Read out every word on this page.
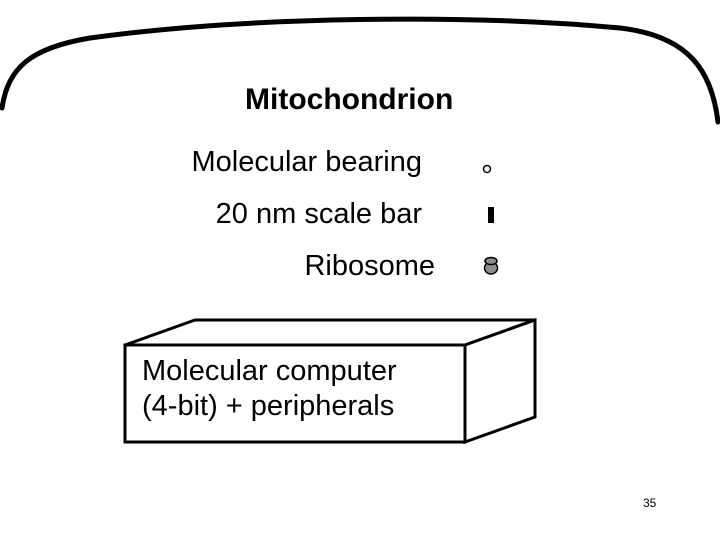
Mitochondrion
Molecular bearing
20 nm scale bar
Ribosome
Molecular computer
(4-bit) + peripherals
35
